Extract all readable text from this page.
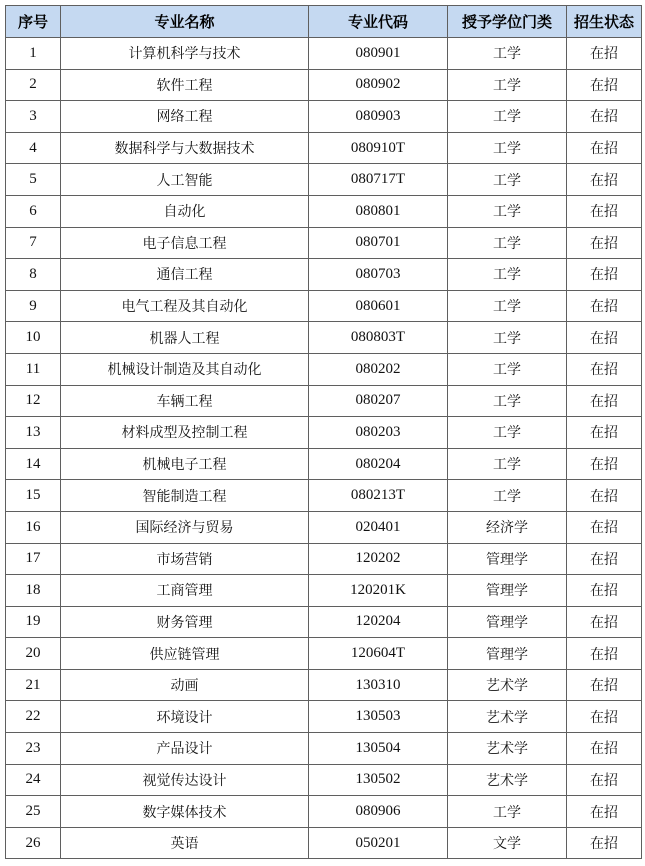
序号	专业名称	专业代码	授予学位门类	招生状态
1	计算机科学与技术	080901	工学	在招
2	软件工程	080902	工学	在招
3	网络工程	080903	工学	在招
4	数据科学与大数据技术	080910T	工学	在招
5	人工智能	080717T	工学	在招
6	自动化	080801	工学	在招
7	电子信息工程	080701	工学	在招
8	通信工程	080703	工学	在招
9	电气工程及其自动化	080601	工学	在招
10	机器人工程	080803T	工学	在招
11	机械设计制造及其自动化	080202	工学	在招
12	车辆工程	080207	工学	在招
13	材料成型及控制工程	080203	工学	在招
14	机械电子工程	080204	工学	在招
15	智能制造工程	080213T	工学	在招
16	国际经济与贸易	020401	经济学	在招
17	市场营销	120202	管理学	在招
18	工商管理	120201K	管理学	在招
19	财务管理	120204	管理学	在招
20	供应链管理	120604T	管理学	在招
21	动画	130310	艺术学	在招
22	环境设计	130503	艺术学	在招
23	产品设计	130504	艺术学	在招
24	视觉传达设计	130502	艺术学	在招
25	数字媒体技术	080906	工学	在招
26	英语	050201	文学	在招
